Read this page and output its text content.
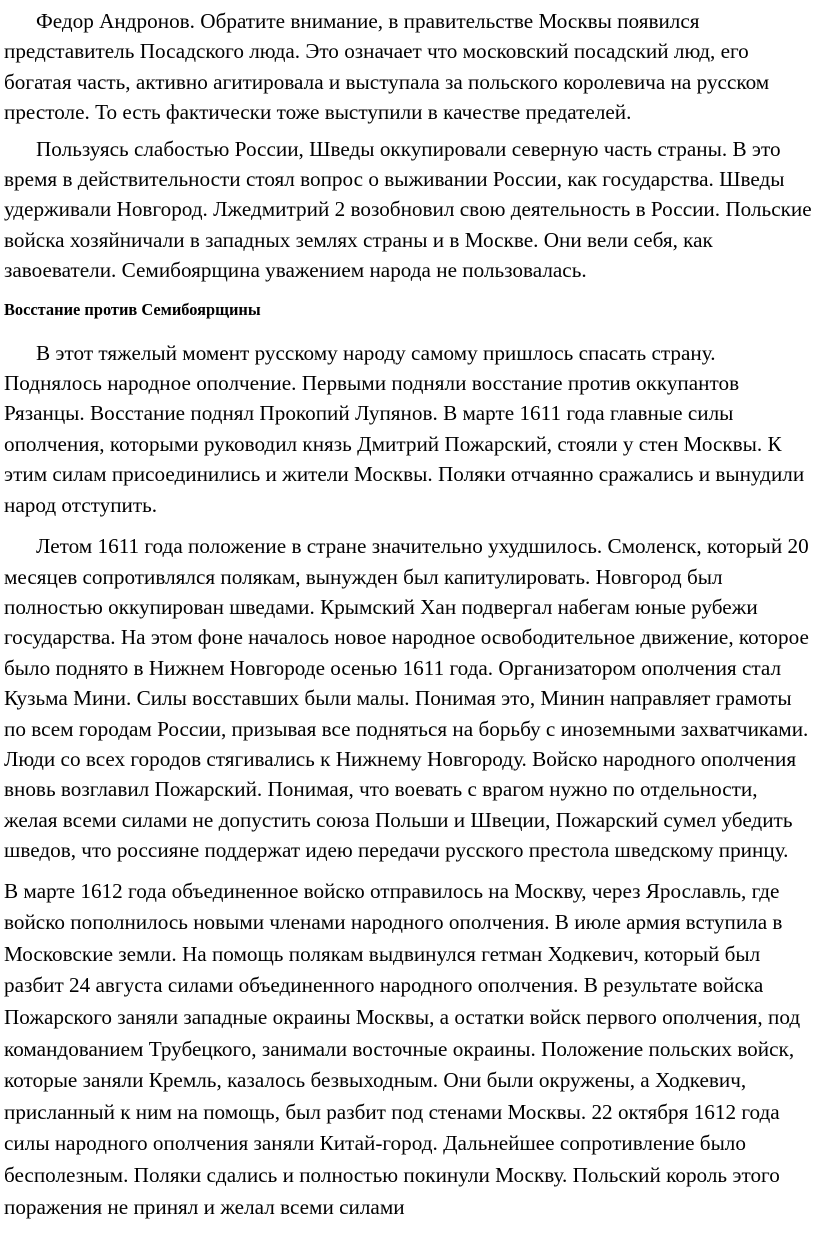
Федор Андронов. Обратите внимание, в правительстве Москвы появился представитель Посадского люда. Это означает что московский посадский люд, его богатая часть, активно агитировала и выступала за польского королевича на русском престоле. То есть фактически тоже выступили в качестве предателей.

Пользуясь слабостью России, Шведы оккупировали северную часть страны. В это время в действительности стоял вопрос о выживании России, как государства. Шведы удерживали Новгород. Лжедмитрий 2 возобновил свою деятельность в России. Польские войска хозяйничали в западных землях страны и в Москве. Они вели себя, как завоеватели. Семибоярщина уважением народа не пользовалась.

Восстание против Семибоярщины

В этот тяжелый момент русскому народу самому пришлось спасать страну. Поднялось народное ополчение. Первыми подняли восстание против оккупантов Рязанцы. Восстание поднял Прокопий Лупянов. В марте 1611 года главные силы ополчения, которыми руководил князь Дмитрий Пожарский, стояли у стен Москвы. К этим силам присоединились и жители Москвы. Поляки отчаянно сражались и вынудили народ отступить.

Летом 1611 года положение в стране значительно ухудшилось. Смоленск, который 20 месяцев сопротивлялся полякам, вынужден был капитулировать. Новгород был полностью оккупирован шведами. Крымский Хан подвергал набегам юные рубежи государства. На этом фоне началось новое народное освободительное движение, которое было поднято в Нижнем Новгороде осенью 1611 года. Организатором ополчения стал Кузьма Мини. Силы восставших были малы. Понимая это, Минин направляет грамоты по всем городам России, призывая все подняться на борьбу с иноземными захватчиками. Люди со всех городов стягивались к Нижнему Новгороду. Войско народного ополчения вновь возглавил Пожарский. Понимая, что воевать с врагом нужно по отдельности, желая всеми силами не допустить союза Польши и Швеции, Пожарский сумел убедить шведов, что россияне поддержат идею передачи русского престола шведскому принцу.

В марте 1612 года объединенное войско отправилось на Москву, через Ярославль, где войско пополнилось новыми членами народного ополчения. В июле армия вступила в Московские земли. На помощь полякам выдвинулся гетман Ходкевич, который был разбит 24 августа силами объединенного народного ополчения. В результате войска Пожарского заняли западные окраины Москвы, а остатки войск первого ополчения, под командованием Трубецкого, занимали восточные окраины. Положение польских войск, которые заняли Кремль, казалось безвыходным. Они были окружены, а Ходкевич, присланный к ним на помощь, был разбит под стенами Москвы. 22 октября 1612 года силы народного ополчения заняли Китай-город. Дальнейшее сопротивление было бесполезным. Поляки сдались и полностью покинули Москву. Польский король этого поражения не принял и желал всеми силами
